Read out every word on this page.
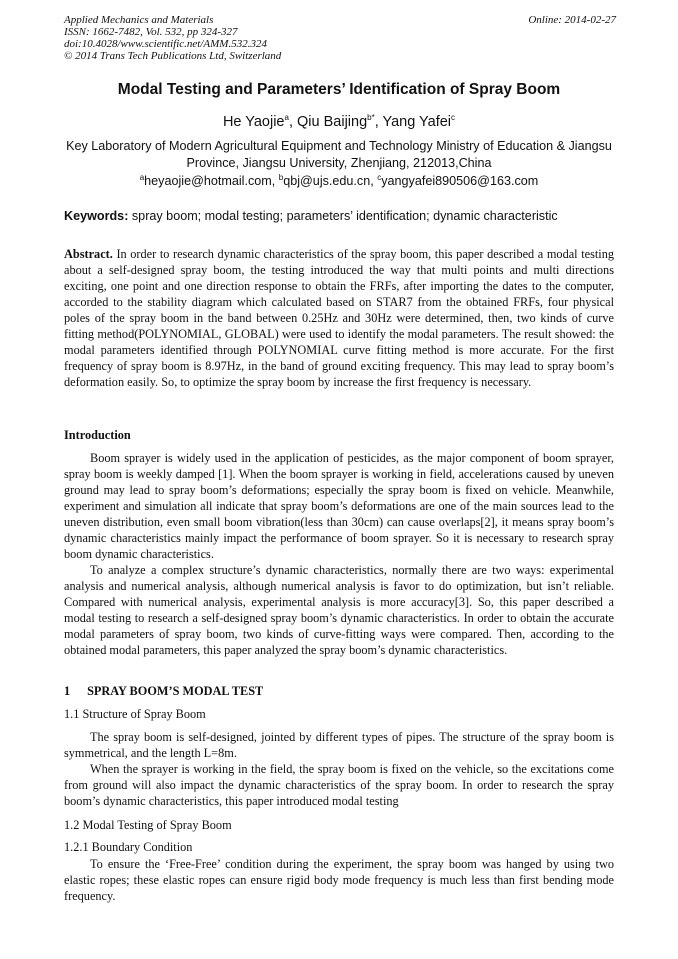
Applied Mechanics and Materials
ISSN: 1662-7482, Vol. 532, pp 324-327
doi:10.4028/www.scientific.net/AMM.532.324
© 2014 Trans Tech Publications Ltd, Switzerland
Online: 2014-02-27
Modal Testing and Parameters’ Identification of Spray Boom
He Yaojie$^a$, Qiu Baijing$^{b*}$, Yang Yafei$^c$
Key Laboratory of Modern Agricultural Equipment and Technology Ministry of Education & Jiangsu
Province, Jiangsu University, Zhenjiang, 212013,China
$^a$heyaojie@hotmail.com, $^b$qbj@ujs.edu.cn, $^c$yangyafei890506@163.com
Keywords: spray boom; modal testing; parameters’ identification; dynamic characteristic

Abstract. In order to research dynamic characteristics of the spray boom, this paper described a modal testing about a self-designed spray boom, the testing introduced the way that multi points and multi directions exciting, one point and one direction response to obtain the FRFs, after importing the dates to the computer, accorded to the stability diagram which calculated based on STAR7 from the obtained FRFs, four physical poles of the spray boom in the band between 0.25Hz and 30Hz were determined, then, two kinds of curve fitting method(POLYNOMIAL, GLOBAL) were used to identify the modal parameters. The result showed: the modal parameters identified through POLYNOMIAL curve fitting method is more accurate. For the first frequency of spray boom is 8.97Hz, in the band of ground exciting frequency. This may lead to spray boom’s deformation easily. So, to optimize the spray boom by increase the first frequency is necessary.

Introduction

Boom sprayer is widely used in the application of pesticides, as the major component of boom sprayer, spray boom is weekly damped [1]. When the boom sprayer is working in field, accelerations caused by uneven ground may lead to spray boom’s deformations; especially the spray boom is fixed on vehicle. Meanwhile, experiment and simulation all indicate that spray boom’s deformations are one of the main sources lead to the uneven distribution, even small boom vibration(less than 30cm) can cause overlaps[2], it means spray boom’s dynamic characteristics mainly impact the performance of boom sprayer. So it is necessary to research spray boom dynamic characteristics.

To analyze a complex structure’s dynamic characteristics, normally there are two ways: experimental analysis and numerical analysis, although numerical analysis is favor to do optimization, but isn’t reliable. Compared with numerical analysis, experimental analysis is more accuracy[3]. So, this paper described a modal testing to research a self-designed spray boom’s dynamic characteristics. In order to obtain the accurate modal parameters of spray boom, two kinds of curve-fitting ways were compared. Then, according to the obtained modal parameters, this paper analyzed the spray boom’s dynamic characteristics.

1 SPRAY BOOM’S MODAL TEST
1.1 Structure of Spray Boom

The spray boom is self-designed, jointed by different types of pipes. The structure of the spray boom is symmetrical, and the length L=8m.

When the sprayer is working in the field, the spray boom is fixed on the vehicle, so the excitations come from ground will also impact the dynamic characteristics of the spray boom. In order to research the spray boom’s dynamic characteristics, this paper introduced modal testing

1.2 Modal Testing of Spray Boom
1.2.1 Boundary Condition

To ensure the ‘Free-Free’ condition during the experiment, the spray boom was hanged by using two elastic ropes; these elastic ropes can ensure rigid body mode frequency is much less than first bending mode frequency.
